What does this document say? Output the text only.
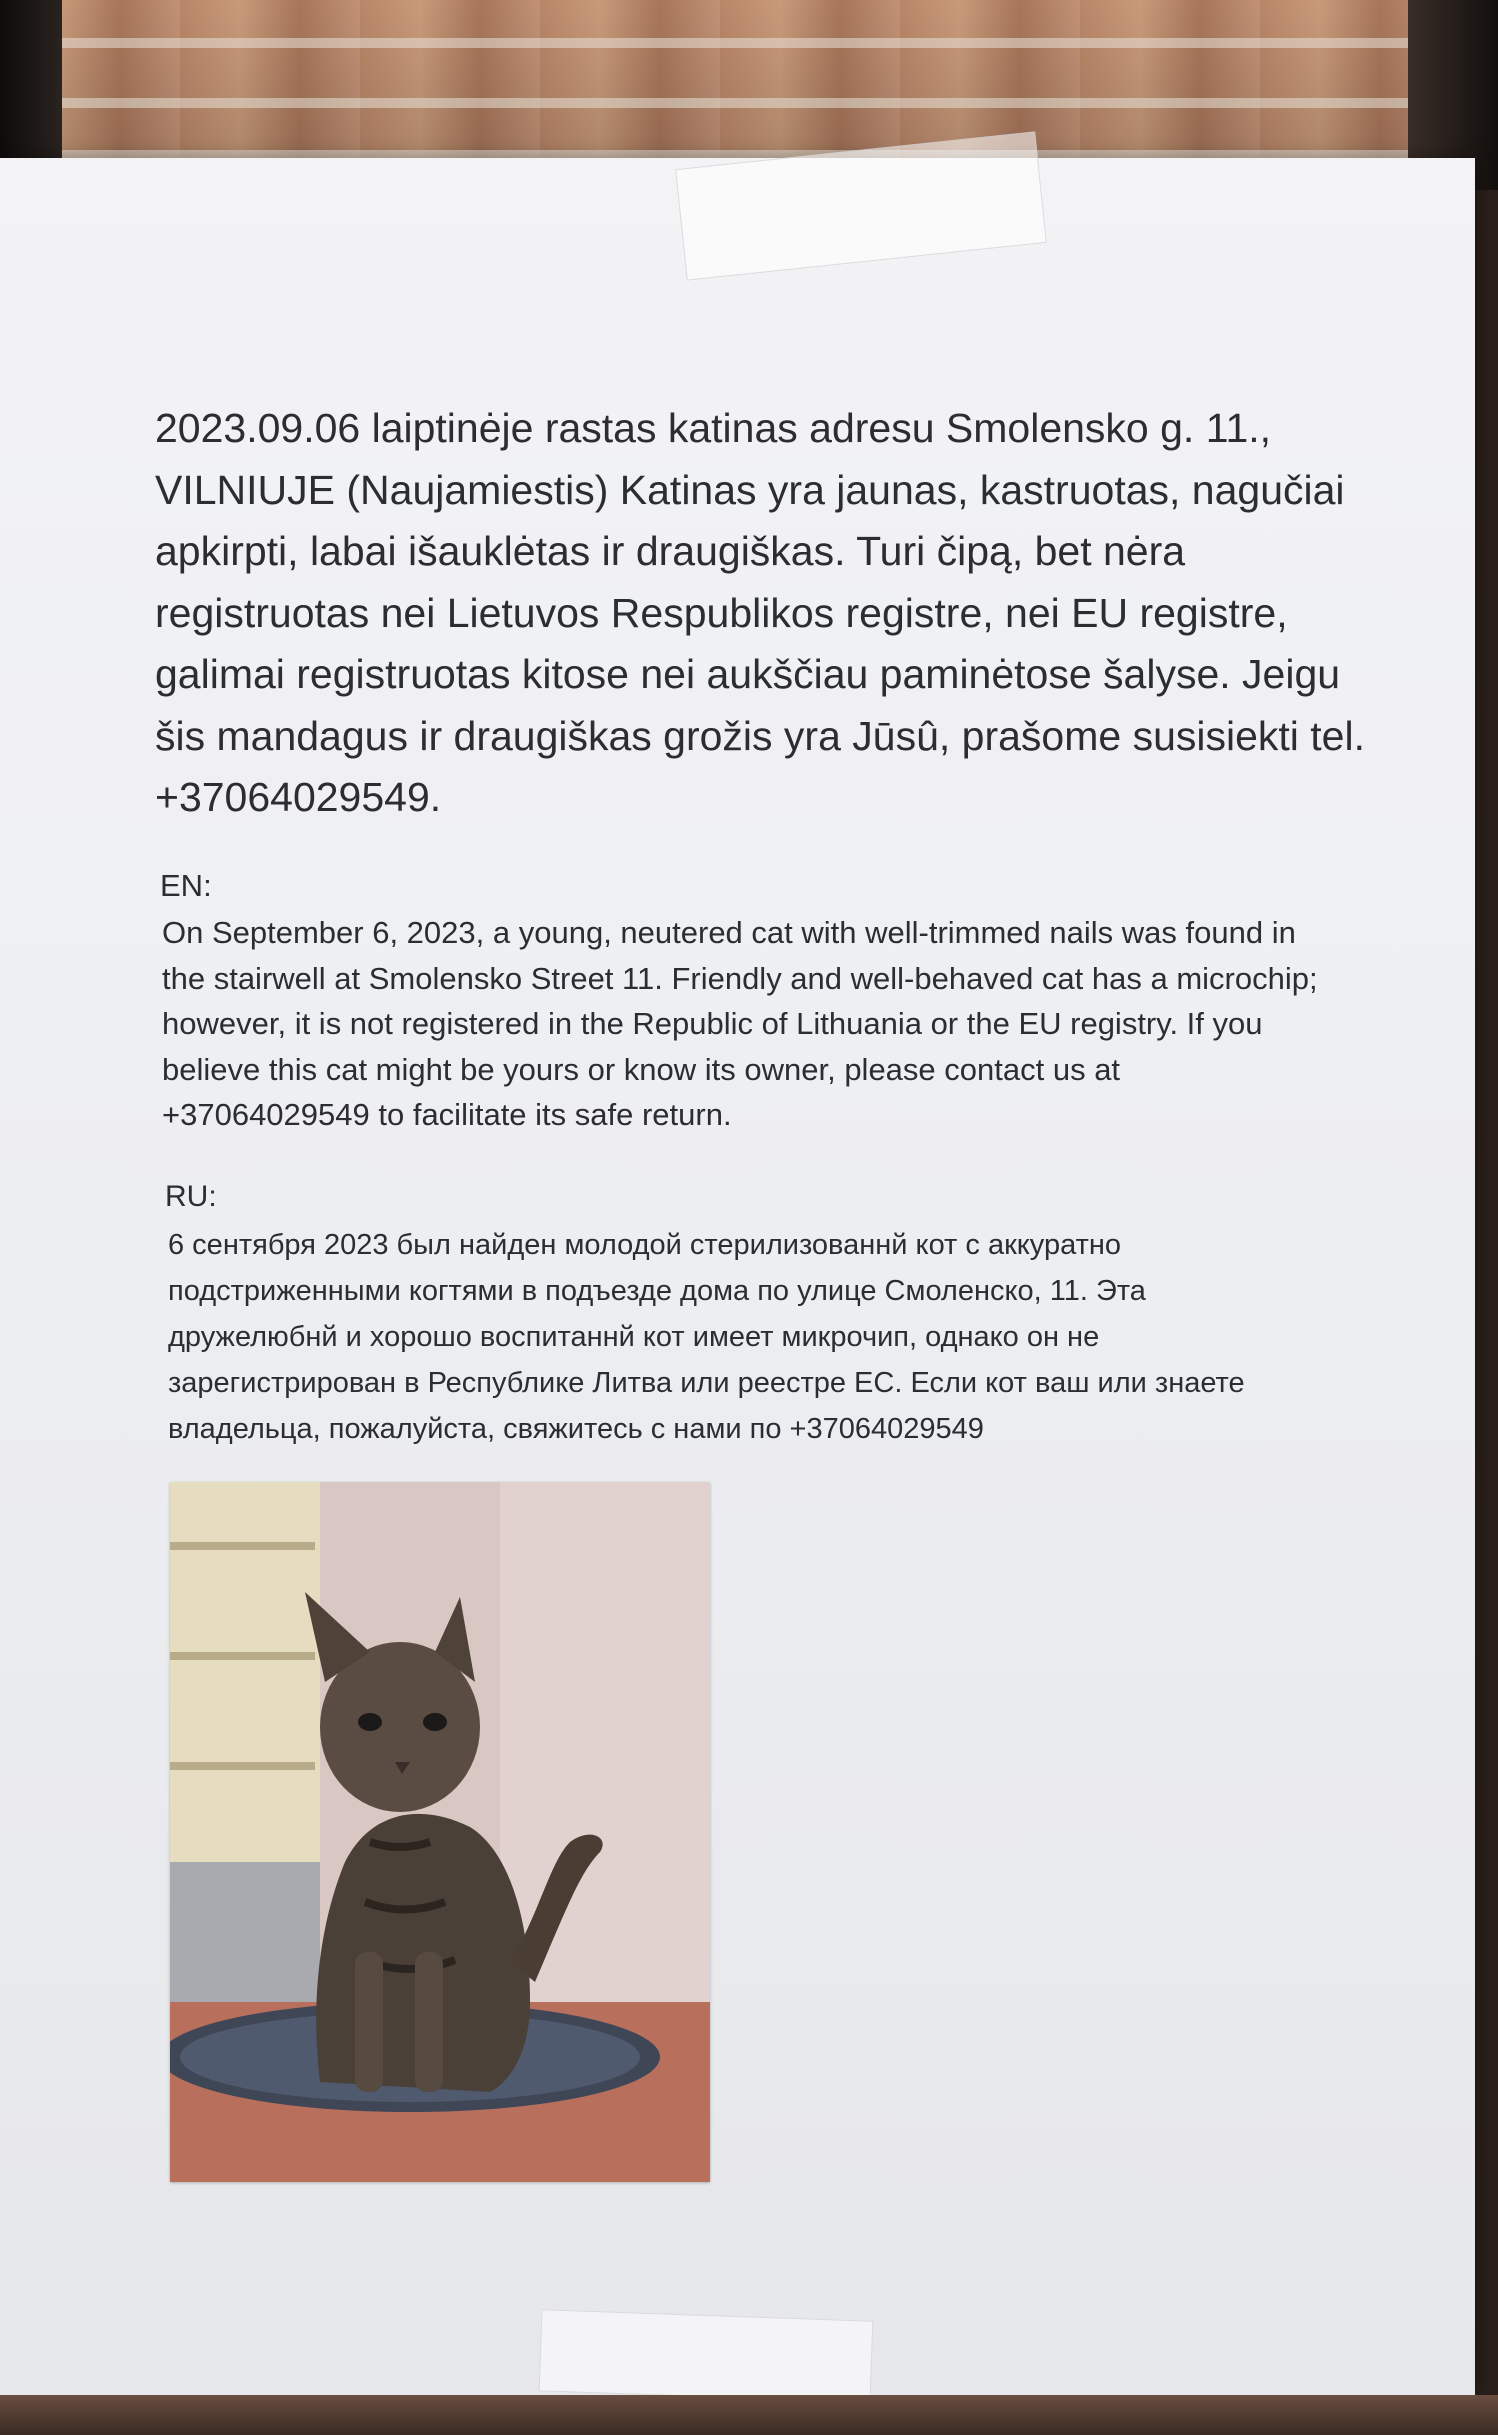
2023.09.06 laiptinėje rastas katinas adresu Smolensko g. 11.,
VILNIUJE (Naujamiestis) Katinas yra jaunas, kastruotas, nagučiai
apkirpti, labai išauklėtas ir draugiškas. Turi čipą, bet nėra
registruotas nei Lietuvos Respublikos registre, nei EU registre,
galimai registruotas kitose nei aukščiau paminėtose šalyse. Jeigu
šis mandagus ir draugiškas grožis yra Jūsû, prašome susisiekti tel.
+37064029549.
EN:
On September 6, 2023, a young, neutered cat with well-trimmed nails was found in
the stairwell at Smolensko Street 11. Friendly and well-behaved cat has a microchip;
however, it is not registered in the Republic of Lithuania or the EU registry. If you
believe this cat might be yours or know its owner, please contact us at
+37064029549 to facilitate its safe return.
RU:
6 сентября 2023 был найден молодой стерилизованнй кот с аккуратно
подстриженными когтями в подъезде дома по улице Смоленско, 11. Эта
дружелюбнй и хорошо воспитаннй кот имеет микрочип, однако он не
зарегистрирован в Республике Литва или реестре ЕС. Если кот ваш или знаете
владельца, пожалуйста, свяжитесь с нами по +37064029549
